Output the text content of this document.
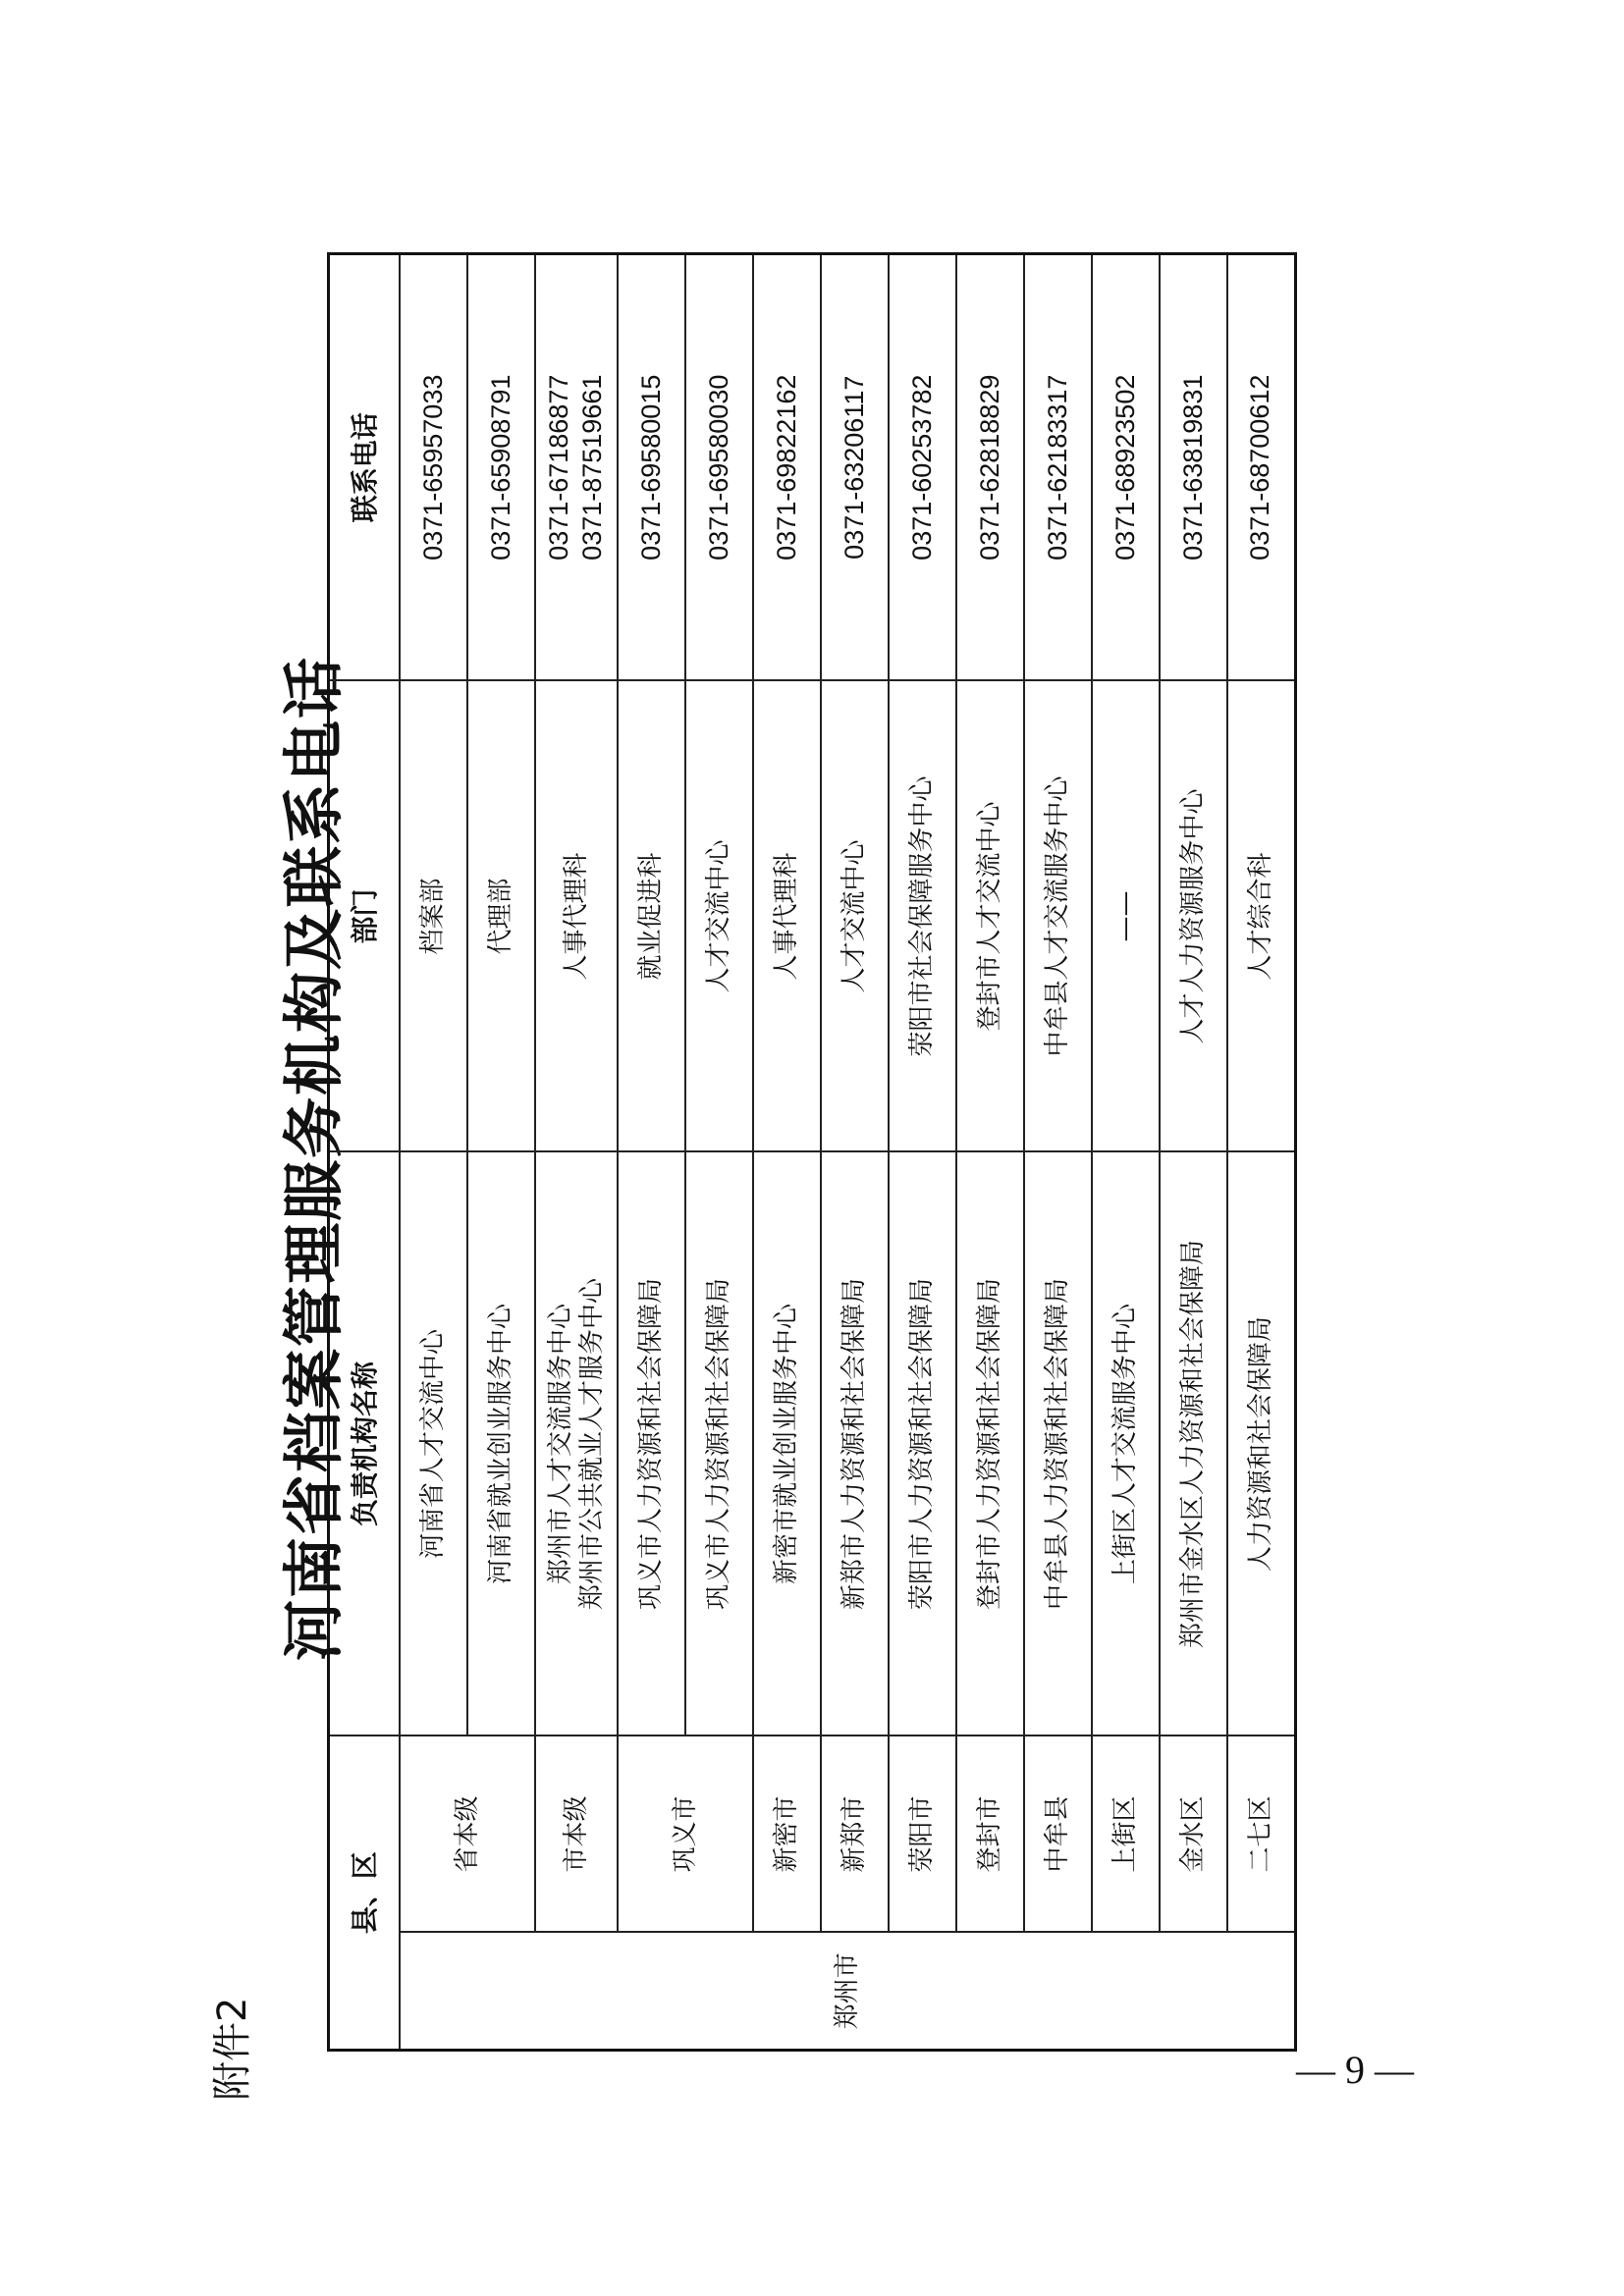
附件2
河南省档案管理服务机构及联系电话
县、区		负责机构名称	部门	联系电话
郑州市	省本级	河南省人才交流中心	档案部	0371-65957033
		河南省就业创业服务中心	代理部	0371-65908791
	市本级	郑州市人才交流服务中心 郑州市公共就业人才服务中心	人事代理科	0371-67186877 0371-87519661

	巩义市	巩义市人力资源和社会保障局	就业促进科	0371-69580015
		巩义市人力资源和社会保障局	人才交流中心	0371-69580030
	新密市	新密市就业创业服务中心	人事代理科	0371-69822162
	新郑市	新郑市人力资源和社会保障局	人才交流中心	0371-63206117
	荥阳市	荥阳市人力资源和社会保障局	荥阳市社会保障服务中心	0371-60253782
	登封市	登封市人力资源和社会保障局	登封市人才交流中心	0371-62818829
	中牟县	中牟县人力资源和社会保障局	中牟县人才交流服务中心	0371-62183317
	上街区	上街区人才交流服务中心	——	0371-68923502
	金水区	郑州市金水区人力资源和社会保障局	人才人力资源服务中心	0371-63819831
	二七区	人力资源和社会保障局	人才综合科	0371-68700612
— 9 —
